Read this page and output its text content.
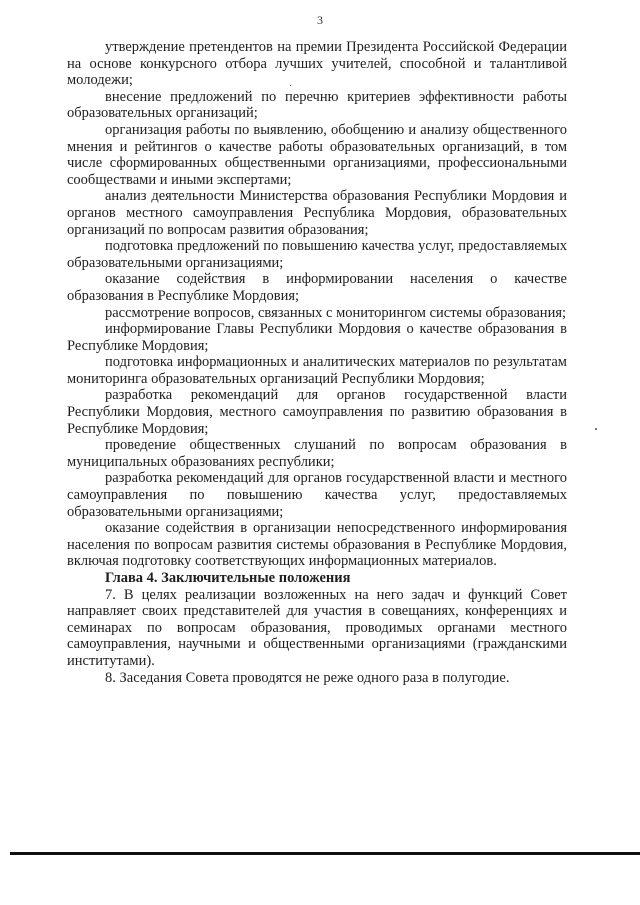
3

утверждение претендентов на премии Президента Российской Федерации на основе конкурсного отбора лучших учителей, способной и талантливой молодежи;

внесение предложений по перечню критериев эффективности работы образовательных организаций;

организация работы по выявлению, обобщению и анализу общественного мнения и рейтингов о качестве работы образовательных организаций, в том числе сформированных общественными организациями, профессиональными сообществами и иными экспертами;

анализ деятельности Министерства образования Республики Мордовия и органов местного самоуправления Республика Мордовия, образовательных организаций по вопросам развития образования;

подготовка предложений по повышению качества услуг, предоставляемых образовательными организациями;

оказание содействия в информировании населения о качестве образования в Республике Мордовия;

рассмотрение вопросов, связанных с мониторингом системы образования;

информирование Главы Республики Мордовия о качестве образования в Республике Мордовия;

подготовка информационных и аналитических материалов по результатам мониторинга образовательных организаций Республики Мордовия;

разработка рекомендаций для органов государственной власти Республики Мордовия, местного самоуправления по развитию образования в Республике Мордовия;

проведение общественных слушаний по вопросам образования в муниципальных образованиях республики;

разработка рекомендаций для органов государственной власти и местного самоуправления по повышению качества услуг, предоставляемых образовательными организациями;

оказание содействия в организации непосредственного информирования населения по вопросам развития системы образования в Республике Мордовия, включая подготовку соответствующих информационных материалов.

Глава 4. Заключительные положения

7. В целях реализации возложенных на него задач и функций Совет направляет своих представителей для участия в совещаниях, конференциях и семинарах по вопросам образования, проводимых органами местного самоуправления, научными и общественными организациями (гражданскими институтами).

8. Заседания Совета проводятся не реже одного раза в полугодие.
